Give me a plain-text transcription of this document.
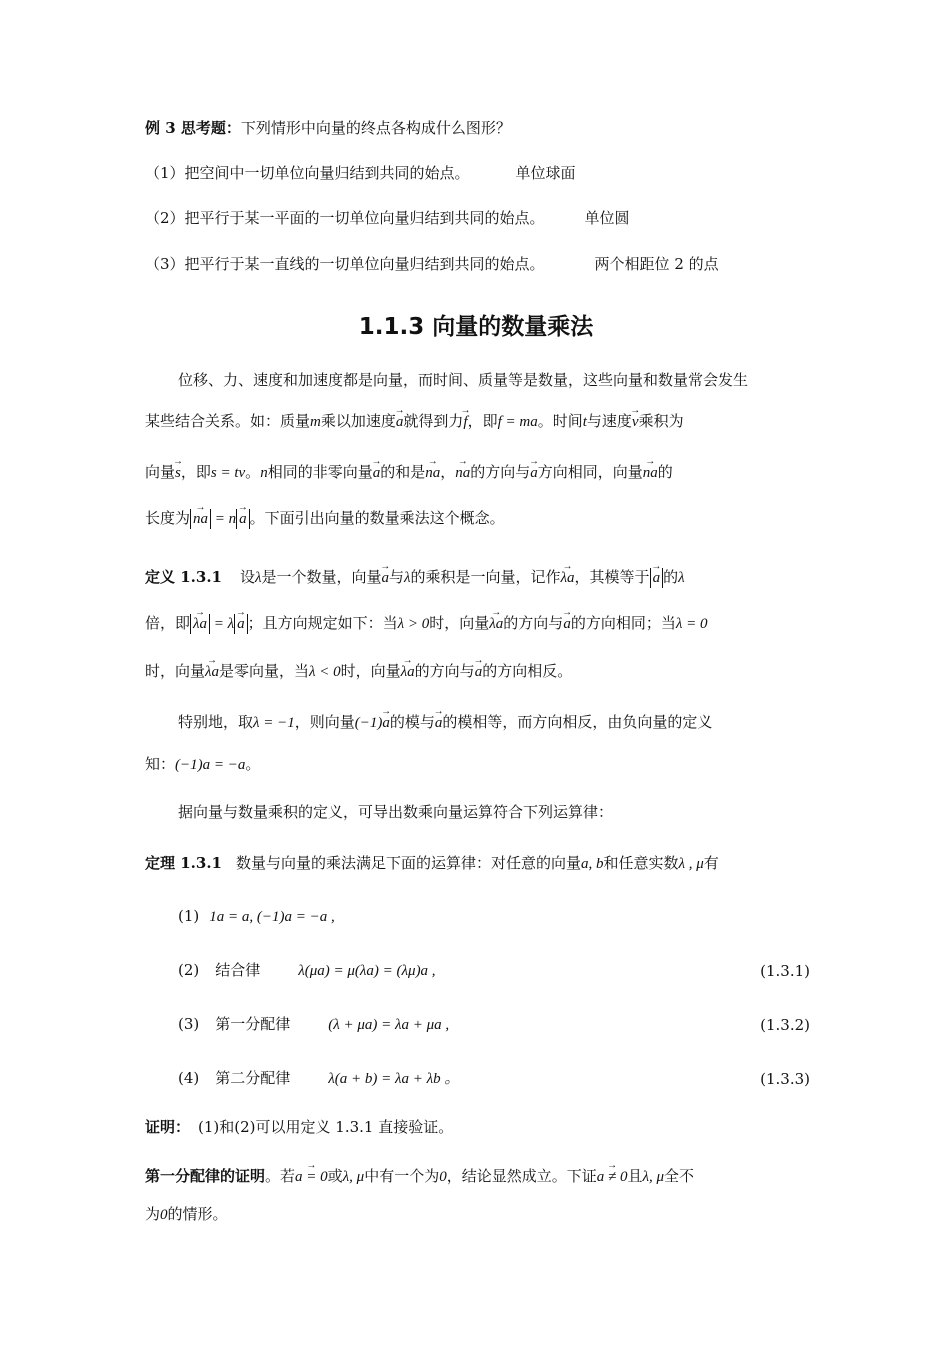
例 3 思考题：下列情形中向量的终点各构成什么图形？
（1）把空间中一切单位向量归结到共同的始点。	单位球面
（2）把平行于某一平面的一切单位向量归结到共同的始点。	单位圆
（3）把平行于某一直线的一切单位向量归结到共同的始点。	两个相距位 2 的点
1.1.3 向量的数量乘法
位移、力、速度和加速度都是向量，而时间、质量等是数量，这些向量和数量常会发生
某些结合关系。如：质量m乘以加速度→ a就得到力→ f，即f = ma。时间t与速度→ v乘积为
向量→ s，即s = tv。n相同的非零向量→ a的和是→ na，→ na的方向与→ a方向相同，向量→ na的
长度为 → na = n → a 。下面引出向量的数量乘法这个概念。
定义 1.3.1 设λ是一个数量，向量→ a与λ的乘积是一向量，记作→ λa，其模等于 → a 的λ
倍，即 → λa = λ → a ；且方向规定如下：当λ > 0时，向量→ λa的方向与→ a的方向相同；当λ = 0
时，向量→ λa是零向量，当λ < 0时，向量→ λa的方向与→ a的方向相反。
特别地，取λ = −1，则向量(−1)→ a的模与→ a的模相等，而方向相反，由负向量的定义
知：(−1)a = −a。
据向量与数量乘积的定义，可导出数乘向量运算符合下列运算律：
定理 1.3.1 数量与向量的乘法满足下面的运算律：对任意的向量a, b和任意实数λ , μ有
(1) 1a = a, (−1)a = −a ,
(2) 结合律	λ(μa) = μ(λa) = (λμ)a ,	(1.3.1)
(3) 第一分配律	(λ + μa) = λa + μa ,	(1.3.2)
(4) 第二分配律	λ(a + b) = λa + λb 。	(1.3.3)
证明： (1)和(2)可以用定义 1.3.1 直接验证。
第一分配律的证明。若→ a = 0或λ, μ中有一个为0，结论显然成立。下证→ a ≠ 0且λ, μ全不
为0的情形。
